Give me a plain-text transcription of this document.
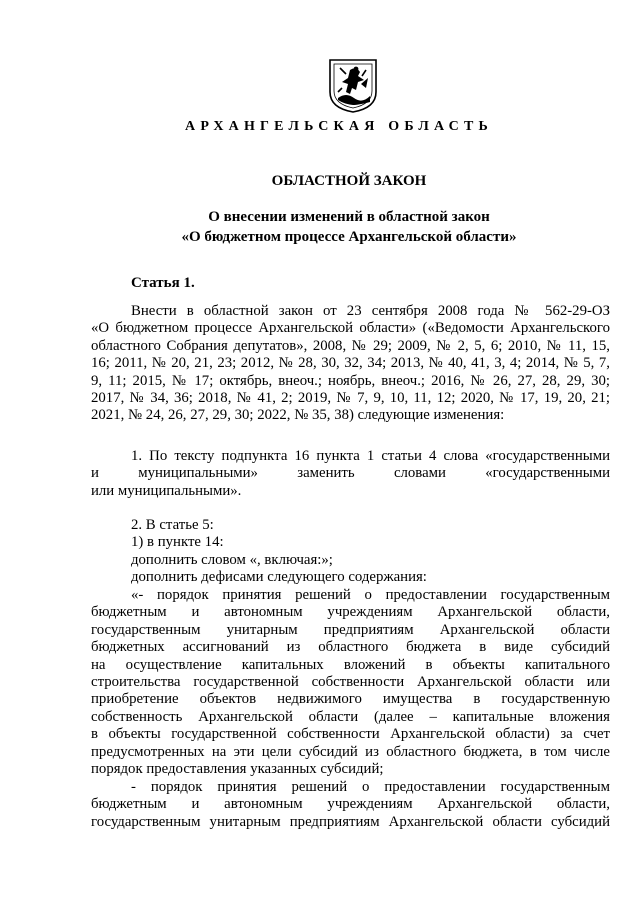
АРХАНГЕЛЬСКАЯ ОБЛАСТЬ
ОБЛАСТНОЙ ЗАКОН
О внесении изменений в областной закон
«О бюджетном процессе Архангельской области»
Статья 1.
Внести в областной закон от 23 сентября 2008 года № 562-29-ОЗ
«О бюджетном процессе Архангельской области» («Ведомости Архангельского
областного Собрания депутатов», 2008, № 29; 2009, № 2, 5, 6; 2010, № 11, 15,
16; 2011, № 20, 21, 23; 2012, № 28, 30, 32, 34; 2013, № 40, 41, 3, 4; 2014, № 5, 7,
9, 11; 2015, № 17; октябрь, внеоч.; ноябрь, внеоч.; 2016, № 26, 27, 28, 29, 30;
2017, № 34, 36; 2018, № 41, 2; 2019, № 7, 9, 10, 11, 12; 2020, № 17, 19, 20, 21;
2021, № 24, 26, 27, 29, 30; 2022, № 35, 38) следующие изменения:
1. По тексту подпункта 16 пункта 1 статьи 4 слова «государственными
и муниципальными» заменить словами «государственными
или муниципальными».
2. В статье 5:
1) в пункте 14:
дополнить словом «, включая:»;
дополнить дефисами следующего содержания:
«- порядок принятия решений о предоставлении государственным
бюджетным и автономным учреждениям Архангельской области,
государственным унитарным предприятиям Архангельской области
бюджетных ассигнований из областного бюджета в виде субсидий
на осуществление капитальных вложений в объекты капитального
строительства государственной собственности Архангельской области или
приобретение объектов недвижимого имущества в государственную
собственность Архангельской области (далее – капитальные вложения
в объекты государственной собственности Архангельской области) за счет
предусмотренных на эти цели субсидий из областного бюджета, в том числе
порядок предоставления указанных субсидий;
- порядок принятия решений о предоставлении государственным
бюджетным и автономным учреждениям Архангельской области,
государственным унитарным предприятиям Архангельской области субсидий
